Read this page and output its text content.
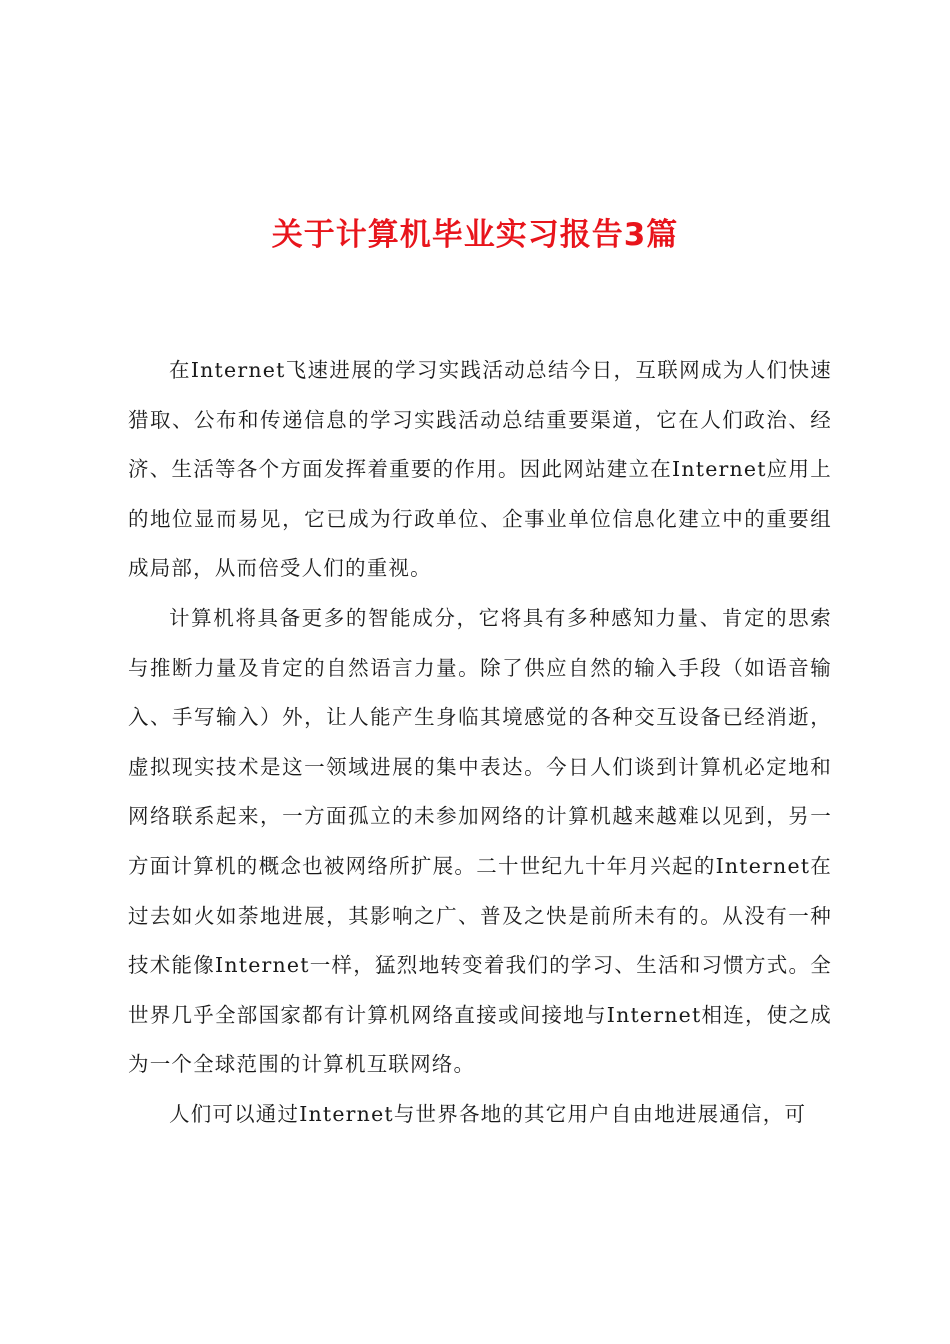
关于计算机毕业实习报告3篇

在Internet飞速进展的学习实践活动总结今日，互联网成为人们快速猎取、公布和传递信息的学习实践活动总结重要渠道，它在人们政治、经济、生活等各个方面发挥着重要的作用。因此网站建立在Internet应用上的地位显而易见，它已成为行政单位、企事业单位信息化建立中的重要组成局部，从而倍受人们的重视。

计算机将具备更多的智能成分，它将具有多种感知力量、肯定的思索与推断力量及肯定的自然语言力量。除了供应自然的输入手段（如语音输入、手写输入）外，让人能产生身临其境感觉的各种交互设备已经消逝，虚拟现实技术是这一领域进展的集中表达。今日人们谈到计算机必定地和网络联系起来，一方面孤立的未参加网络的计算机越来越难以见到，另一方面计算机的概念也被网络所扩展。二十世纪九十年月兴起的Internet在过去如火如荼地进展，其影响之广、普及之快是前所未有的。从没有一种技术能像Internet一样，猛烈地转变着我们的学习、生活和习惯方式。全世界几乎全部国家都有计算机网络直接或间接地与Internet相连，使之成为一个全球范围的计算机互联网络。

人们可以通过Internet与世界各地的其它用户自由地进展通信，可
